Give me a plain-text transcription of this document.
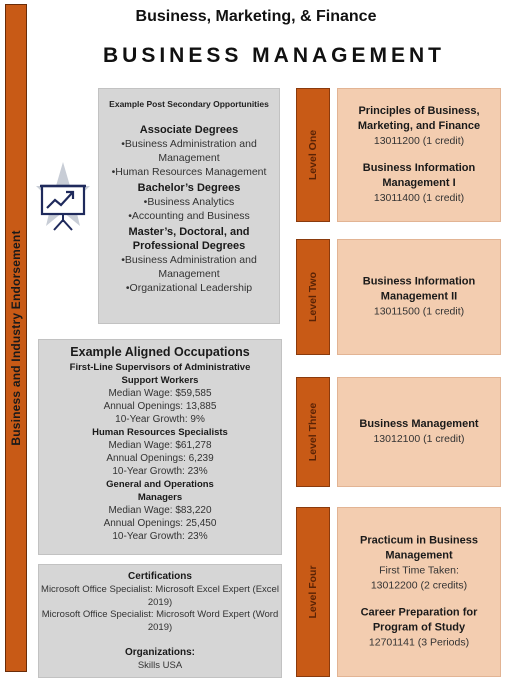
Business and Industry Endorsement
Business, Marketing, & Finance
BUSINESS MANAGEMENT
Example Post Secondary Opportunities
Associate Degrees
•Business Administration and Management
•Human Resources Management
Bachelor’s Degrees
•Business Analytics
•Accounting and Business
Master’s, Doctoral, and Professional Degrees
•Business Administration and Management
•Organizational Leadership
Example Aligned Occupations
First-Line Supervisors of Administrative Support Workers
Median Wage: $59,585
Annual Openings: 13,885
10-Year Growth: 9%
Human Resources Specialists
Median Wage: $61,278
Annual Openings: 6,239
10-Year Growth: 23%
General and Operations Managers
Median Wage: $83,220
Annual Openings: 25,450
10-Year Growth: 23%
Certifications
Microsoft Office Specialist: Microsoft Excel Expert (Excel 2019)
Microsoft Office Specialist: Microsoft Word Expert (Word 2019)
Organizations:
Skills USA
Level One
Principles of Business, Marketing, and Finance
13011200 (1 credit)
Business Information Management I
13011400 (1 credit)
Level Two	Business Information Management II
13011500 (1 credit)
Level Three	Business Management
13012100 (1 credit)
Level Four
Practicum in Business Management
First Time Taken:
13012200 (2 credits)
Career Preparation for Program of Study
12701141 (3 Periods)
